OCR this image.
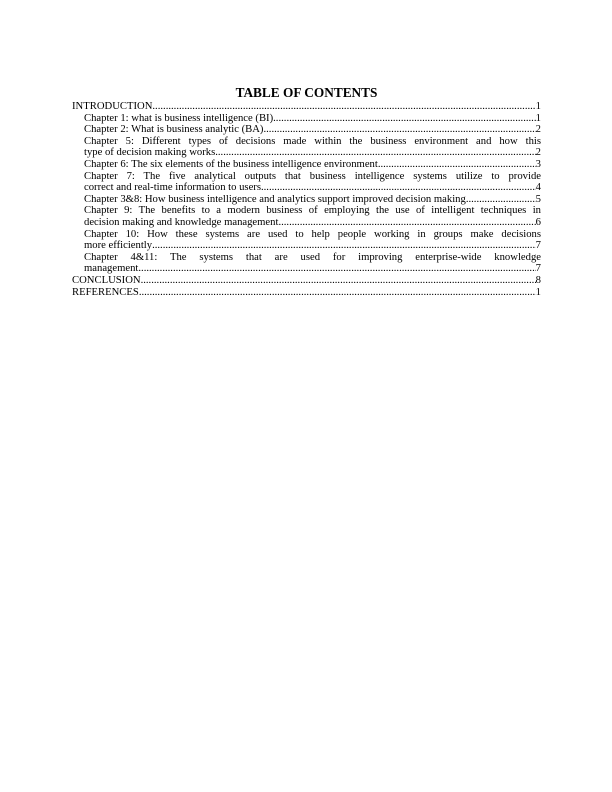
TABLE OF CONTENTS
INTRODUCTION .....	1
Chapter 1: what is business intelligence (BI) .....	1
Chapter 2: What is business analytic (BA) .....	2
Chapter 5: Different types of decisions made within the business environment and how this
type of decision making works .....	2
Chapter 6: The six elements of the business intelligence environment .....	3
Chapter 7: The five analytical outputs that business intelligence systems utilize to provide
correct and real-time information to users .....	4
Chapter 3&8: How business intelligence and analytics support improved decision making .....	5
Chapter 9: The benefits to a modern business of employing the use of intelligent techniques in
decision making and knowledge management .....	6
Chapter 10: How these systems are used to help people working in groups make decisions
more efficiently .....	7
Chapter 4&11: The systems that are used for improving enterprise-wide knowledge
management .....	7
CONCLUSION .....	8
REFERENCES .....	1
